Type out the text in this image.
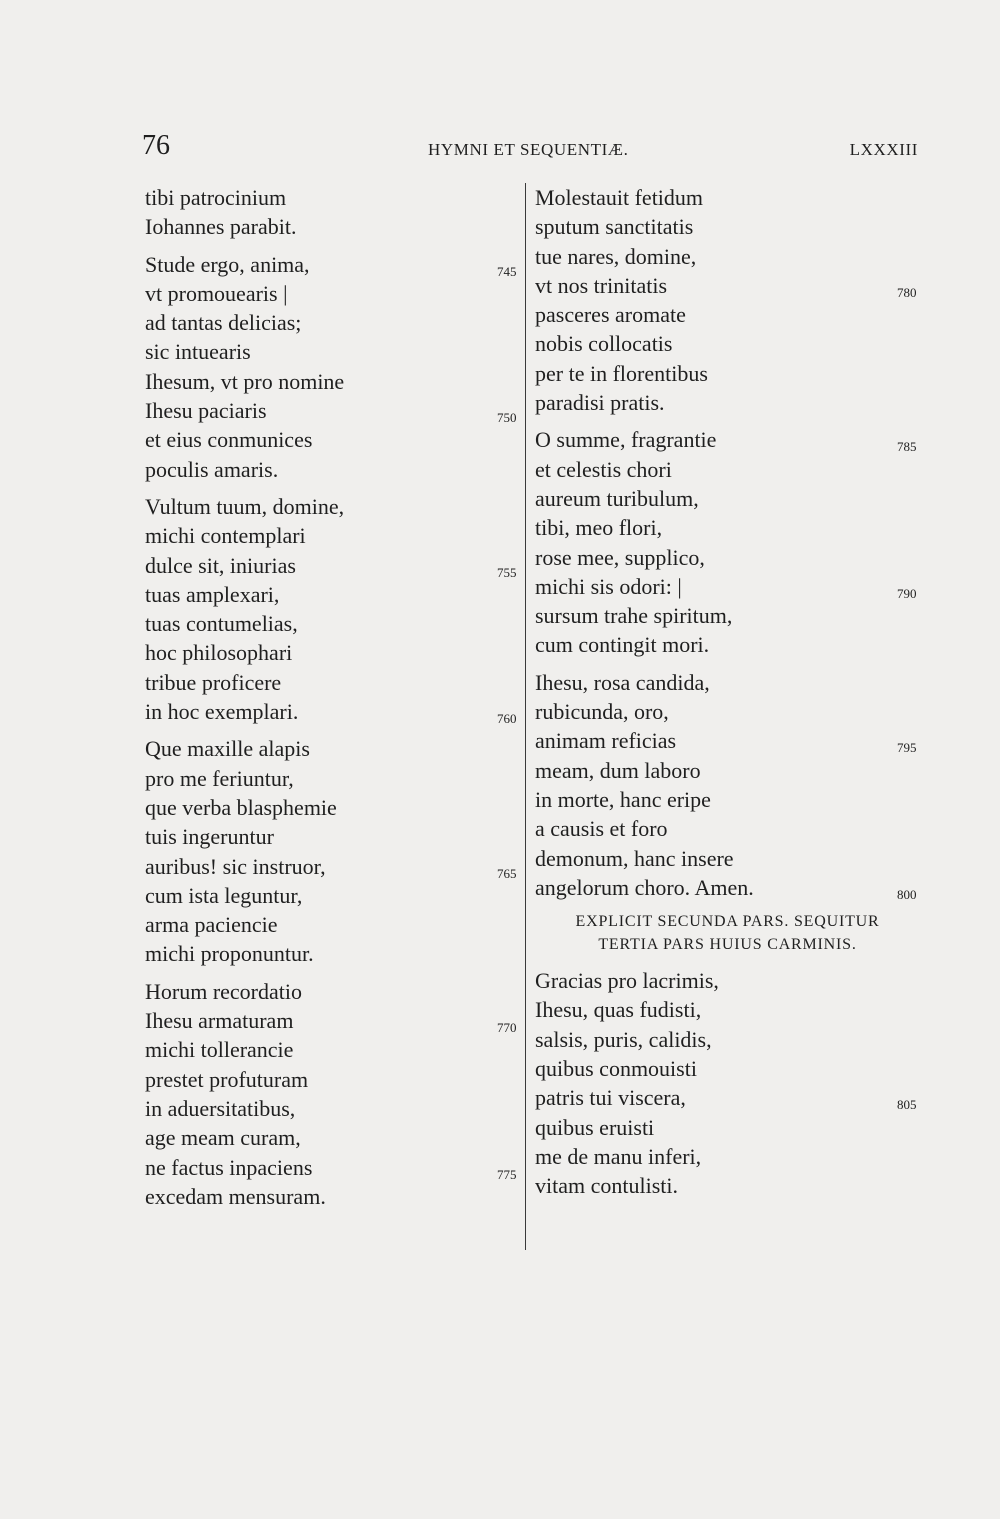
76	HYMNI ET SEQUENTIÆ.	LXXXIII
tibi patrocinium
Iohannes parabit.
Stude ergo, anima,	745
vt promouearis |
ad tantas delicias;
sic intuearis
Ihesum, vt pro nomine
Ihesu paciaris	750
et eius conmunices
poculis amaris.
Vultum tuum, domine,
michi contemplari
dulce sit, iniurias	755
tuas amplexari,
tuas contumelias,
hoc philosophari
tribue proficere
in hoc exemplari.	760
Que maxille alapis
pro me feriuntur,
que verba blasphemie
tuis ingeruntur
auribus! sic instruor,	765
cum ista leguntur,
arma paciencie
michi proponuntur.
Horum recordatio
Ihesu armaturam	770
michi tollerancie
prestet profuturam
in aduersitatibus,
age meam curam,
ne factus inpaciens	775
excedam mensuram.
Molestauit fetidum
sputum sanctitatis
tue nares, domine,
vt nos trinitatis	780
pasceres aromate
nobis collocatis
per te in florentibus
paradisi pratis.
O summe, fragrantie	785
et celestis chori
aureum turibulum,
tibi, meo flori,
rose mee, supplico,
michi sis odori: |	790
sursum trahe spiritum,
cum contingit mori.
Ihesu, rosa candida,
rubicunda, oro,
animam reficias	795
meam, dum laboro
in morte, hanc eripe
a causis et foro
demonum, hanc insere
angelorum choro. Amen.	800
EXPLICIT SECUNDA PARS. SEQUITUR
TERTIA PARS HUIUS CARMINIS.
Gracias pro lacrimis,
Ihesu, quas fudisti,
salsis, puris, calidis,
quibus conmouisti
patris tui viscera,	805
quibus eruisti
me de manu inferi,
vitam contulisti.
